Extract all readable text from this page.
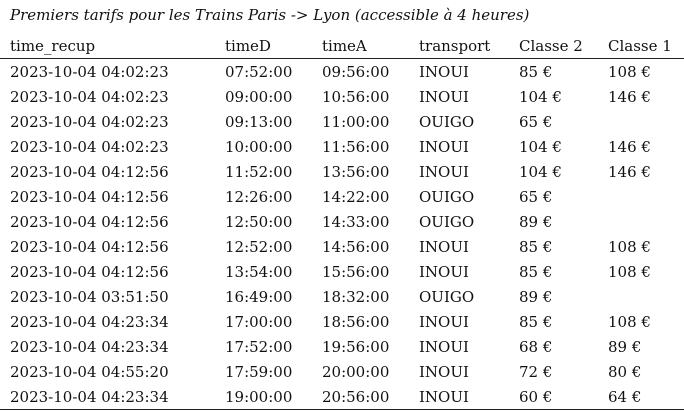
Premiers tarifs pour les Trains Paris -> Lyon (accessible à 4 heures)
time_recup	timeD	timeA	transport	Classe 2	Classe 1
2023-10-04 04:02:23	07:52:00	09:56:00	INOUI	85 €	108 €
2023-10-04 04:02:23	09:00:00	10:56:00	INOUI	104 €	146 €
2023-10-04 04:02:23	09:13:00	11:00:00	OUIGO	65 €	
2023-10-04 04:02:23	10:00:00	11:56:00	INOUI	104 €	146 €
2023-10-04 04:12:56	11:52:00	13:56:00	INOUI	104 €	146 €
2023-10-04 04:12:56	12:26:00	14:22:00	OUIGO	65 €	
2023-10-04 04:12:56	12:50:00	14:33:00	OUIGO	89 €	
2023-10-04 04:12:56	12:52:00	14:56:00	INOUI	85 €	108 €
2023-10-04 04:12:56	13:54:00	15:56:00	INOUI	85 €	108 €
2023-10-04 03:51:50	16:49:00	18:32:00	OUIGO	89 €	
2023-10-04 04:23:34	17:00:00	18:56:00	INOUI	85 €	108 €
2023-10-04 04:23:34	17:52:00	19:56:00	INOUI	68 €	89 €
2023-10-04 04:55:20	17:59:00	20:00:00	INOUI	72 €	80 €
2023-10-04 04:23:34	19:00:00	20:56:00	INOUI	60 €	64 €
